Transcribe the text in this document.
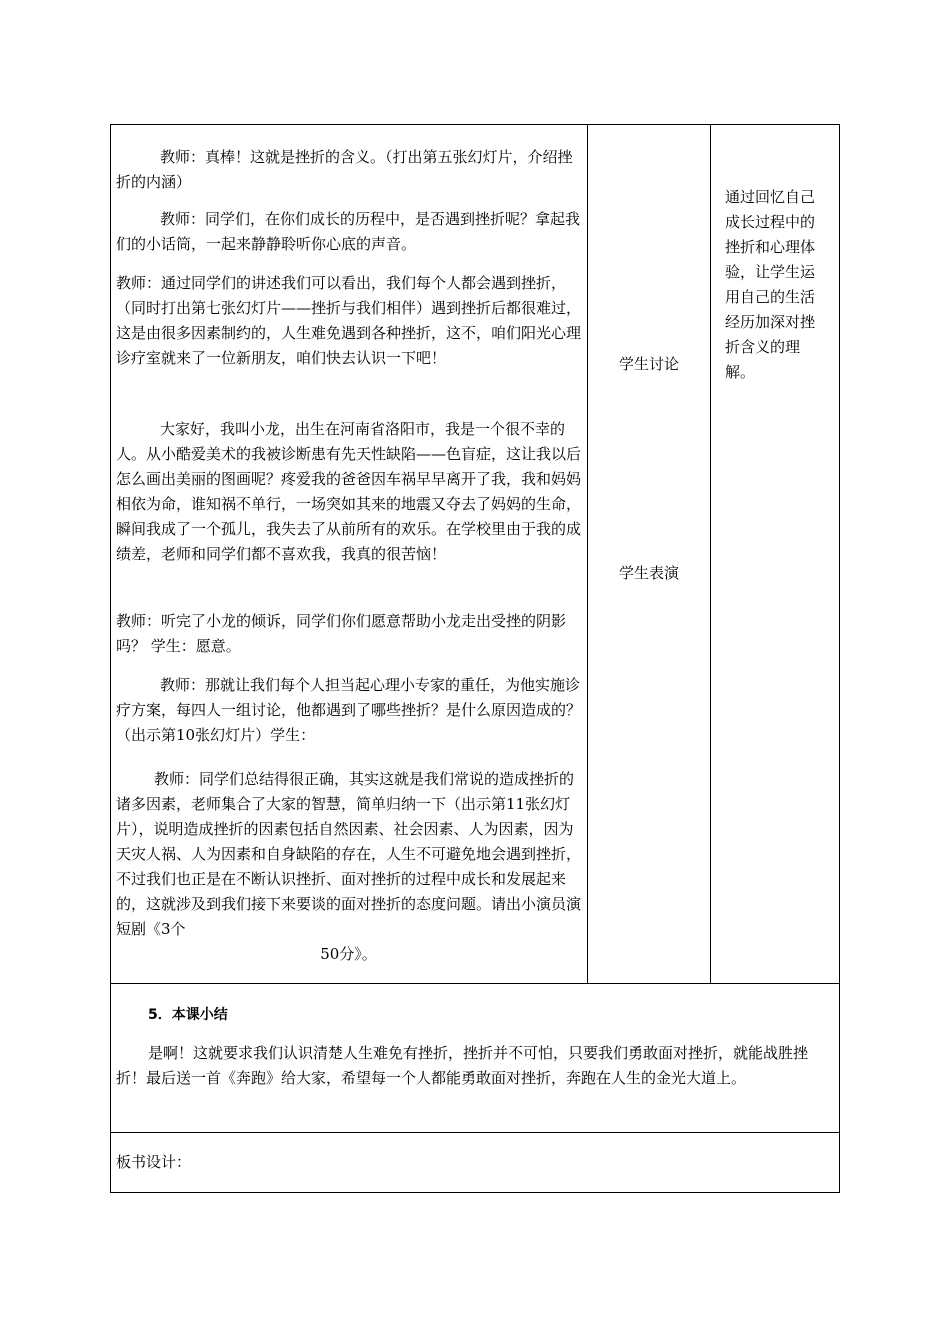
教师：真棒！这就是挫折的含义。（打出第五张幻灯片，介绍挫折的内涵）

教师：同学们，在你们成长的历程中，是否遇到挫折呢？拿起我们的小话筒，一起来静静聆听你心底的声音。

教师：通过同学们的讲述我们可以看出，我们每个人都会遇到挫折，（同时打出第七张幻灯片——挫折与我们相伴）遇到挫折后都很难过，这是由很多因素制约的，人生难免遇到各种挫折，这不，咱们阳光心理诊疗室就来了一位新朋友，咱们快去认识一下吧！

大家好，我叫小龙，出生在河南省洛阳市，我是一个很不幸的人。从小酷爱美术的我被诊断患有先天性缺陷——色盲症，这让我以后怎么画出美丽的图画呢？疼爱我的爸爸因车祸早早离开了我，我和妈妈相依为命，谁知祸不单行，一场突如其来的地震又夺去了妈妈的生命，瞬间我成了一个孤儿，我失去了从前所有的欢乐。在学校里由于我的成绩差，老师和同学们都不喜欢我，我真的很苦恼！

教师：听完了小龙的倾诉，同学们你们愿意帮助小龙走出受挫的阴影吗？ 学生：愿意。

教师：那就让我们每个人担当起心理小专家的重任，为他实施诊疗方案，每四人一组讨论，他都遇到了哪些挫折？是什么原因造成的？（出示第10张幻灯片）学生：

教师：同学们总结得很正确，其实这就是我们常说的造成挫折的诸多因素，老师集合了大家的智慧，简单归纳一下（出示第11张幻灯片），说明造成挫折的因素包括自然因素、社会因素、人为因素，因为天灾人祸、人为因素和自身缺陷的存在，人生不可避免地会遇到挫折，不过我们也正是在不断认识挫折、面对挫折的过程中成长和发展起来的，这就涉及到我们接下来要谈的面对挫折的态度问题。请出小演员演短剧《3个

50分》。

学生讨论
学生表演

通过回忆自己成长过程中的挫折和心理体验，让学生运用自己的生活经历加深对挫折含义的理解。

5．本课小结

是啊！这就要求我们认识清楚人生难免有挫折，挫折并不可怕，只要我们勇敢面对挫折，就能战胜挫折！最后送一首《奔跑》给大家，希望每一个人都能勇敢面对挫折，奔跑在人生的金光大道上。

板书设计：
